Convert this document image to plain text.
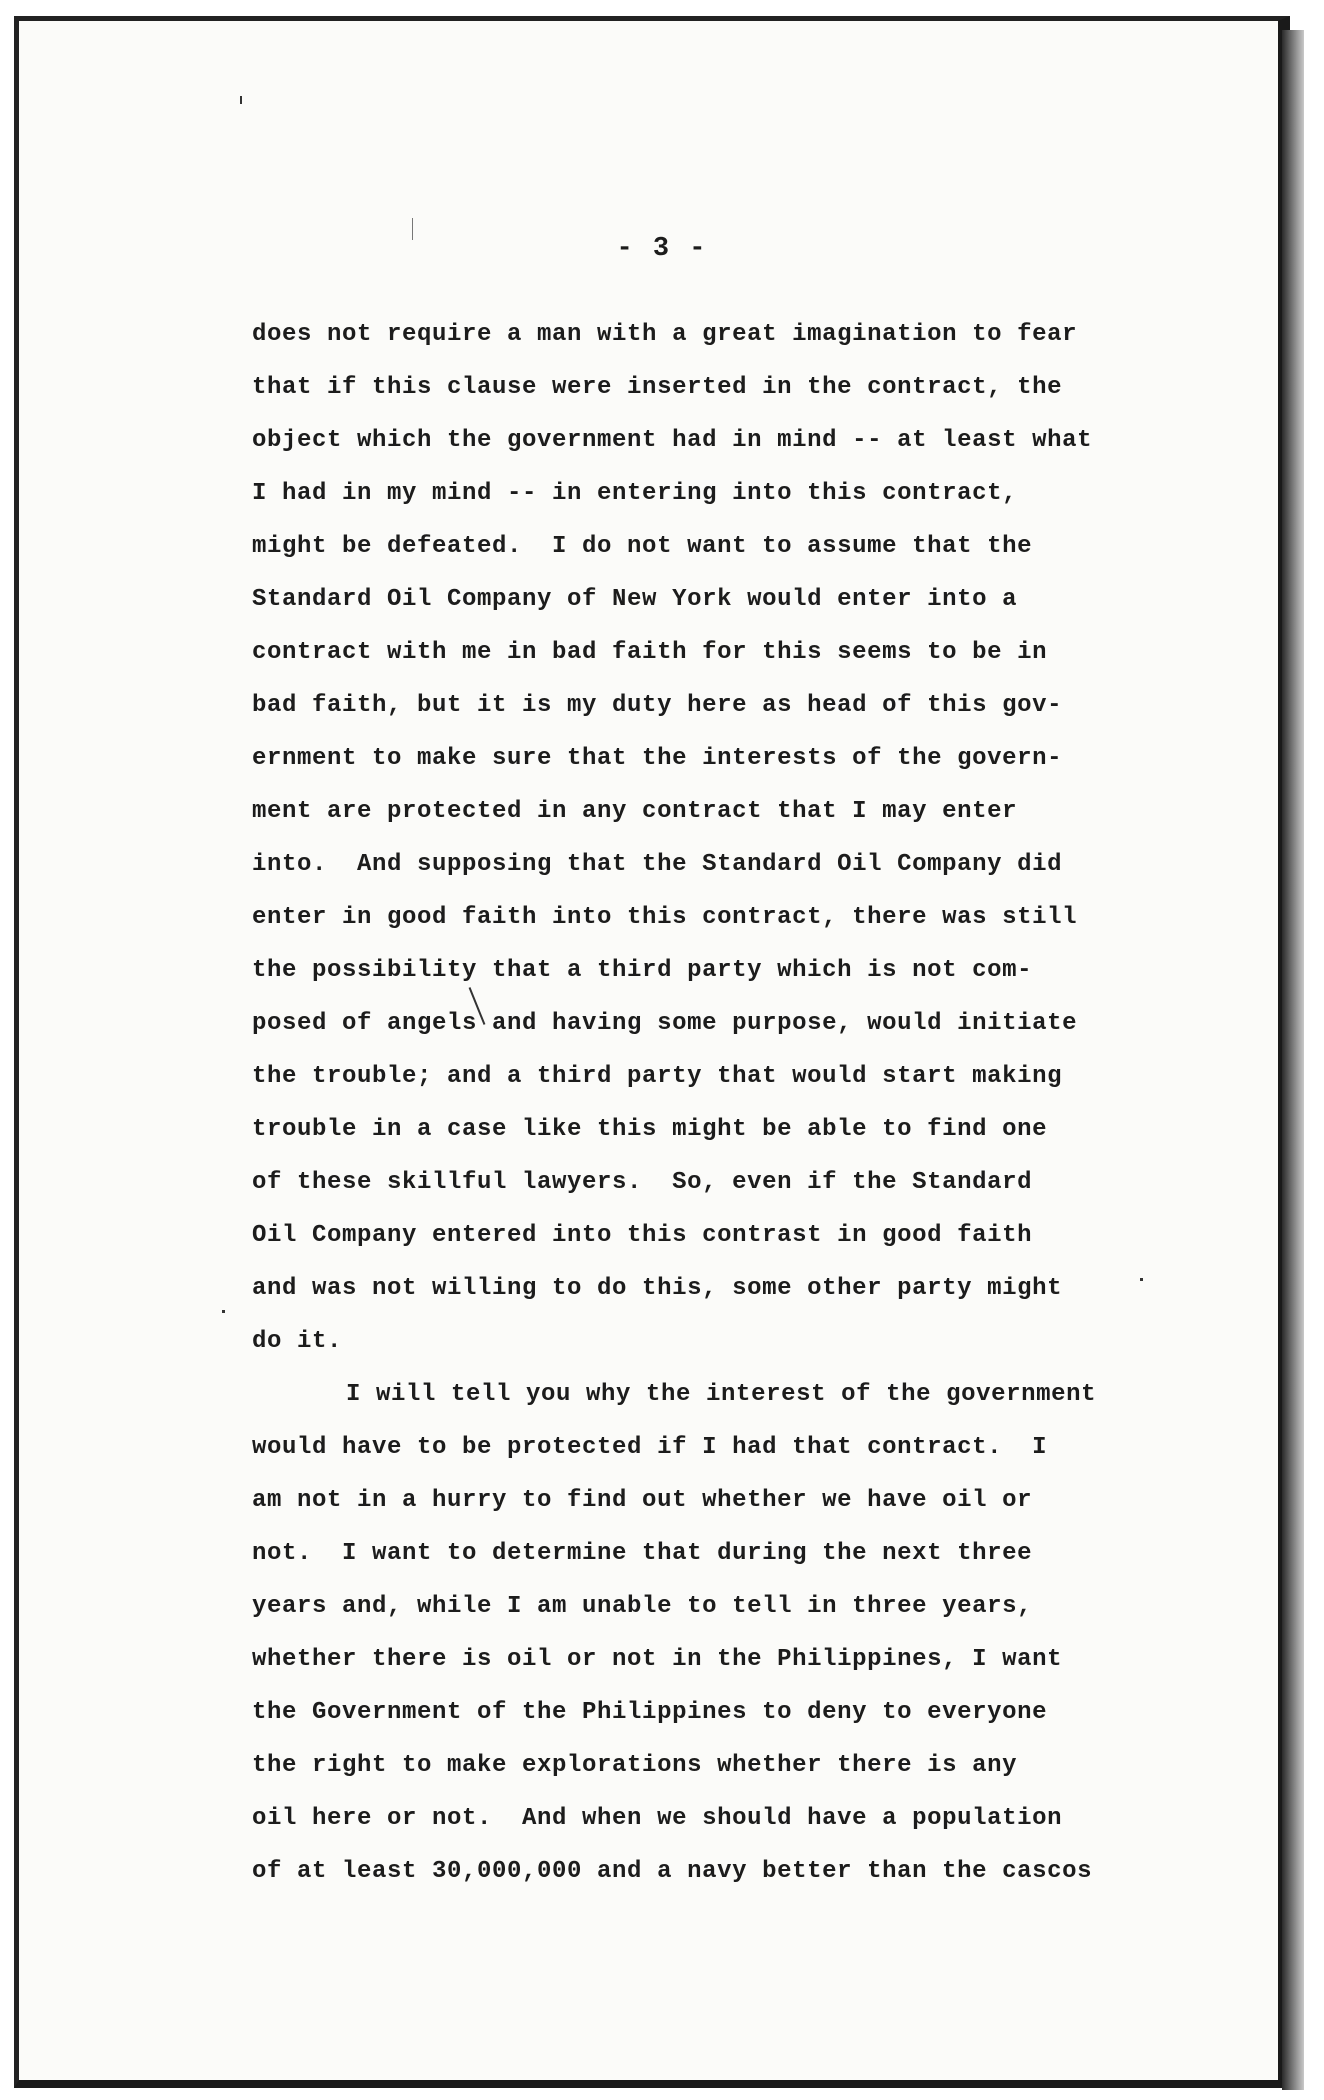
- 3 -
does not require a man with a great imagination to fear
that if this clause were inserted in the contract, the
object which the government had in mind -- at least what
I had in my mind -- in entering into this contract,
might be defeated.  I do not want to assume that the
Standard Oil Company of New York would enter into a
contract with me in bad faith for this seems to be in
bad faith, but it is my duty here as head of this gov-
ernment to make sure that the interests of the govern-
ment are protected in any contract that I may enter
into.  And supposing that the Standard Oil Company did
enter in good faith into this contract, there was still
the possibility that a third party which is not com-
posed of angels and having some purpose, would initiate
the trouble; and a third party that would start making
trouble in a case like this might be able to find one
of these skillful lawyers.  So, even if the Standard
Oil Company entered into this contrast in good faith
and was not willing to do this, some other party might
do it.
I will tell you why the interest of the government
would have to be protected if I had that contract.  I
am not in a hurry to find out whether we have oil or
not.  I want to determine that during the next three
years and, while I am unable to tell in three years,
whether there is oil or not in the Philippines, I want
the Government of the Philippines to deny to everyone
the right to make explorations whether there is any
oil here or not.  And when we should have a population
of at least 30,000,000 and a navy better than the cascos
